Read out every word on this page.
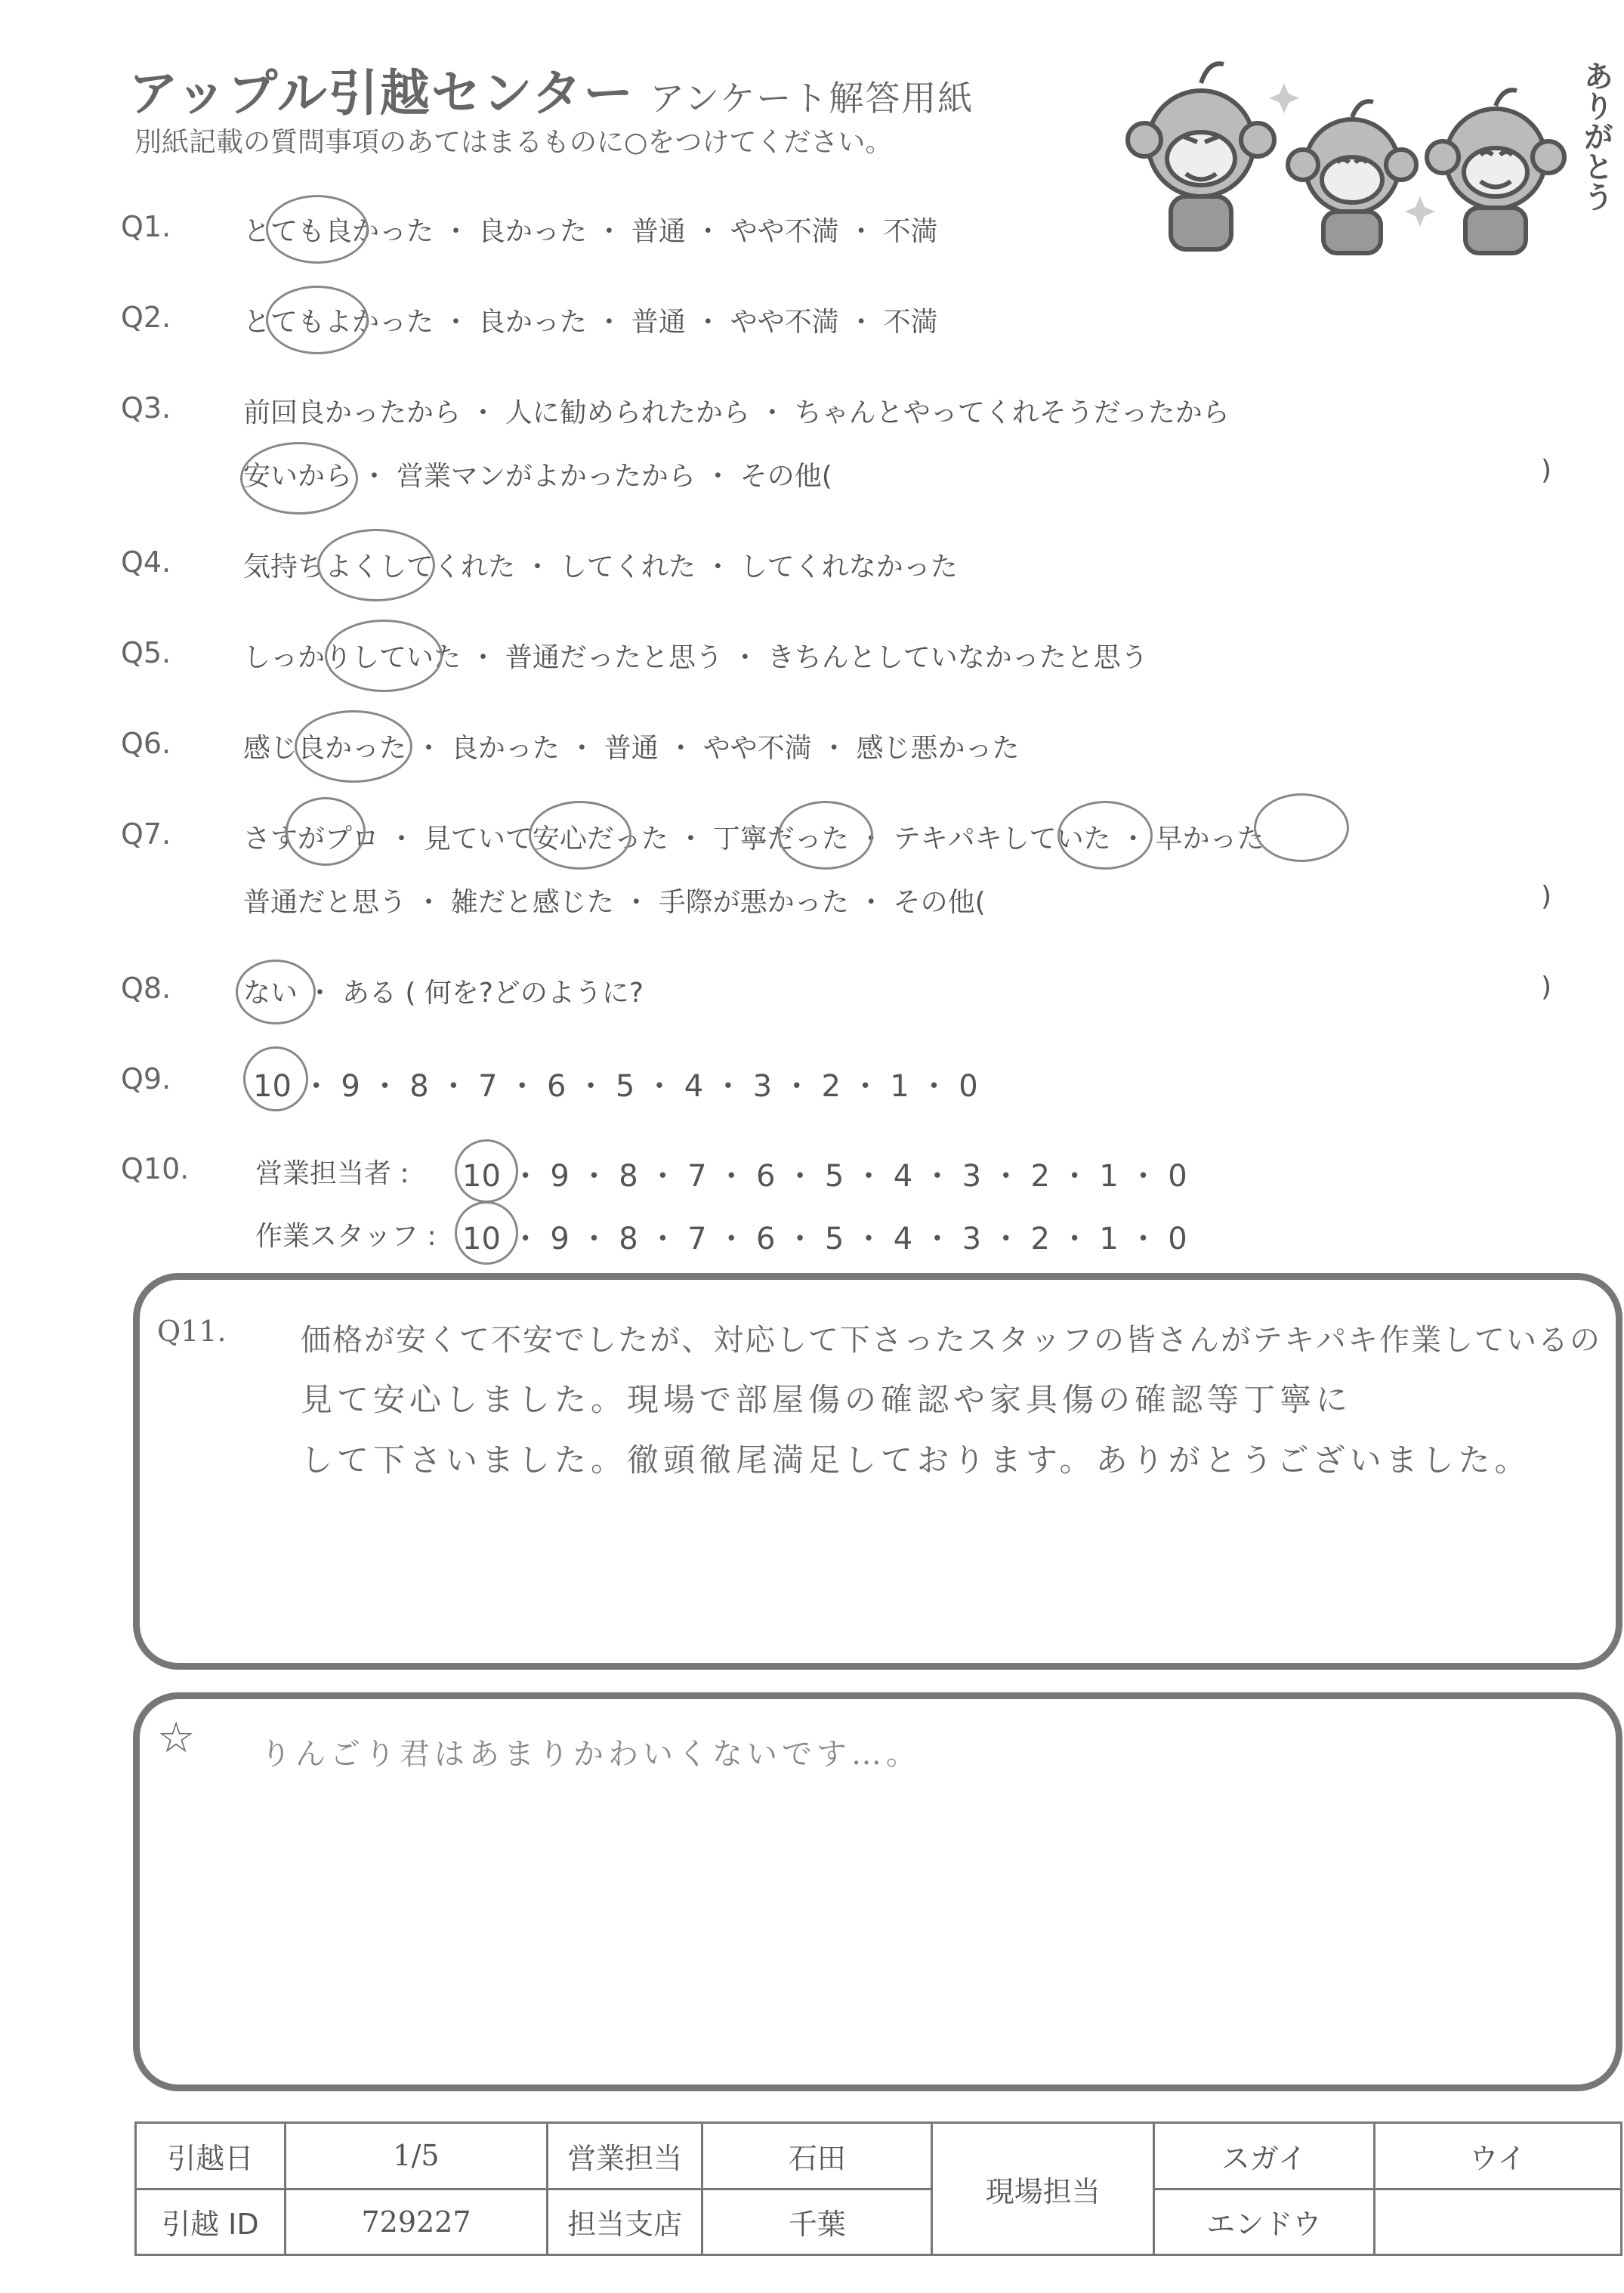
アップル引越センター アンケート解答用紙
別紙記載の質問事項のあてはまるものに○をつけてください。	ありがとう
Q1.	とても良かった ・ 良かった ・ 普通 ・ やや不満 ・ 不満
Q2.	とてもよかった ・ 良かった ・ 普通 ・ やや不満 ・ 不満
Q3.	前回良かったから ・ 人に勧められたから ・ ちゃんとやってくれそうだったから
安いから ・ 営業マンがよかったから ・ その他(	)
Q4.	気持ちよくしてくれた ・ してくれた ・ してくれなかった
Q5.	しっかりしていた ・ 普通だったと思う ・ きちんとしていなかったと思う
Q6.	感じ良かった ・ 良かった ・ 普通 ・ やや不満 ・ 感じ悪かった
Q7.	さすがプロ ・ 見ていて安心だった ・ 丁寧だった ・ テキパキしていた ・ 早かった
普通だと思う ・ 雑だと感じた ・ 手際が悪かった ・ その他(	)
Q8.	ない ・ ある ( 何を?どのように?	)
Q9.	10 ・ 9 ・ 8 ・ 7 ・ 6 ・ 5 ・ 4 ・ 3 ・ 2 ・ 1 ・ 0
Q10. 営業担当者 : 10 ・ 9 ・ 8 ・ 7 ・ 6 ・ 5 ・ 4 ・ 3 ・ 2 ・ 1 ・ 0
作業スタッフ : 10 ・ 9 ・ 8 ・ 7 ・ 6 ・ 5 ・ 4 ・ 3 ・ 2 ・ 1 ・ 0
Q11. 価格が安くて不安でしたが、対応して下さったスタッフの皆さんがテキパキ作業しているの
見て安心しました。現場で部屋傷の確認や家具傷の確認等丁寧に
して下さいました。徹頭徹尾満足しております。ありがとうございました。
☆ りんごり君はあまりかわいくないです…。
引越日	1/5	営業担当	石田	現場担当	スガイ	ウイ
引越 ID	729227	担当支店	千葉		エンドウ	
